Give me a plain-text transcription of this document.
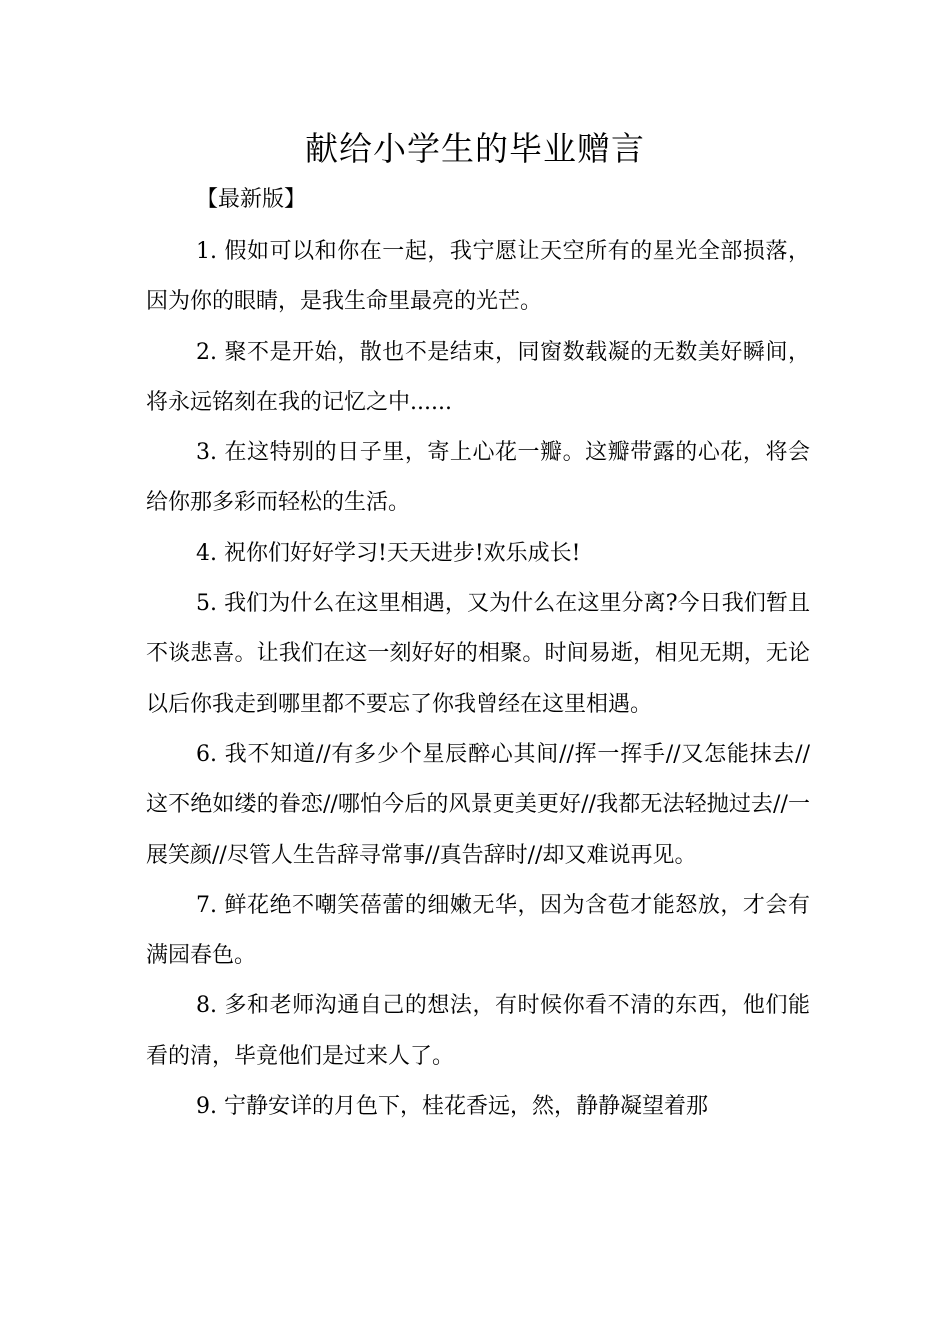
献给小学生的毕业赠言
【最新版】

1. 假如可以和你在一起，我宁愿让天空所有的星光全部损落，因为你的眼睛，是我生命里最亮的光芒。

2. 聚不是开始，散也不是结束，同窗数载凝的无数美好瞬间，将永远铭刻在我的记忆之中......

3. 在这特别的日子里，寄上心花一瓣。这瓣带露的心花，将会给你那多彩而轻松的生活。

4. 祝你们好好学习!天天进步!欢乐成长!

5. 我们为什么在这里相遇，又为什么在这里分离?今日我们暂且不谈悲喜。让我们在这一刻好好的相聚。时间易逝，相见无期，无论以后你我走到哪里都不要忘了你我曾经在这里相遇。

6. 我不知道//有多少个星辰醉心其间//挥一挥手//又怎能抹去//这不绝如缕的眷恋//哪怕今后的风景更美更好//我都无法轻抛过去//一展笑颜//尽管人生告辞寻常事//真告辞时//却又难说再见。

7. 鲜花绝不嘲笑蓓蕾的细嫩无华，因为含苞才能怒放，才会有满园春色。

8. 多和老师沟通自己的想法，有时候你看不清的东西，他们能看的清，毕竟他们是过来人了。

9. 宁静安详的月色下，桂花香远，然，静静凝望着那
